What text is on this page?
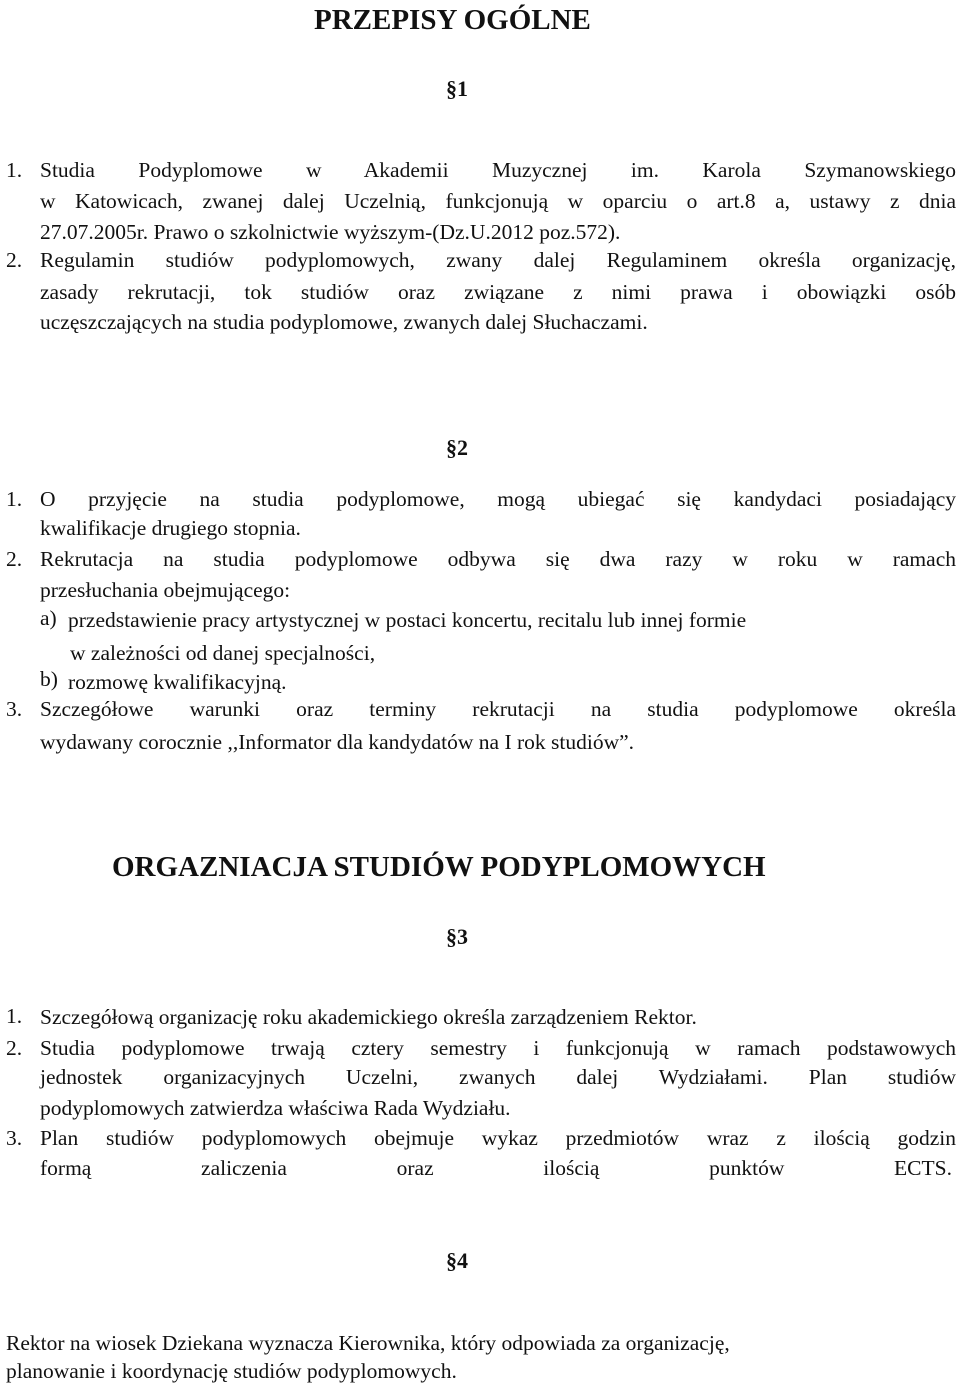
PRZEPISY OGÓLNE
§1
1. Studia Podyplomowe w Akademii Muzycznej im. Karola Szymanowskiego
w Katowicach, zwanej dalej Uczelnią, funkcjonują w oparciu o art.8 a, ustawy z dnia
27.07.2005r. Prawo o szkolnictwie wyższym-(Dz.U.2012 poz.572).
2. Regulamin studiów podyplomowych, zwany dalej Regulaminem określa organizację,
zasady rekrutacji, tok studiów oraz związane z nimi prawa i obowiązki osób
uczęszczających na studia podyplomowe, zwanych dalej Słuchaczami.
§2
1. O przyjęcie na studia podyplomowe, mogą ubiegać się kandydaci posiadający
kwalifikacje drugiego stopnia.
2. Rekrutacja na studia podyplomowe odbywa się dwa razy w roku w ramach
przesłuchania obejmującego:
a) przedstawienie pracy artystycznej w postaci koncertu, recitalu lub innej formie
w zależności od danej specjalności,
b) rozmowę kwalifikacyjną.
3. Szczegółowe warunki oraz terminy rekrutacji na studia podyplomowe określa
wydawany corocznie ,,Informator dla kandydatów na I rok studiów”.
ORGAZNIACJA STUDIÓW PODYPLOMOWYCH
§3
1. Szczegółową organizację roku akademickiego określa zarządzeniem Rektor.
2. Studia podyplomowe trwają cztery semestry i funkcjonują w ramach podstawowych
jednostek organizacyjnych Uczelni, zwanych dalej Wydziałami. Plan studiów
podyplomowych zatwierdza właściwa Rada Wydziału.
3. Plan studiów podyplomowych obejmuje wykaz przedmiotów wraz z ilością godzin
formą zaliczenia oraz ilością punktów ECTS.
§4
Rektor na wiosek Dziekana wyznacza Kierownika, który odpowiada za organizację,
planowanie i koordynację studiów podyplomowych.
